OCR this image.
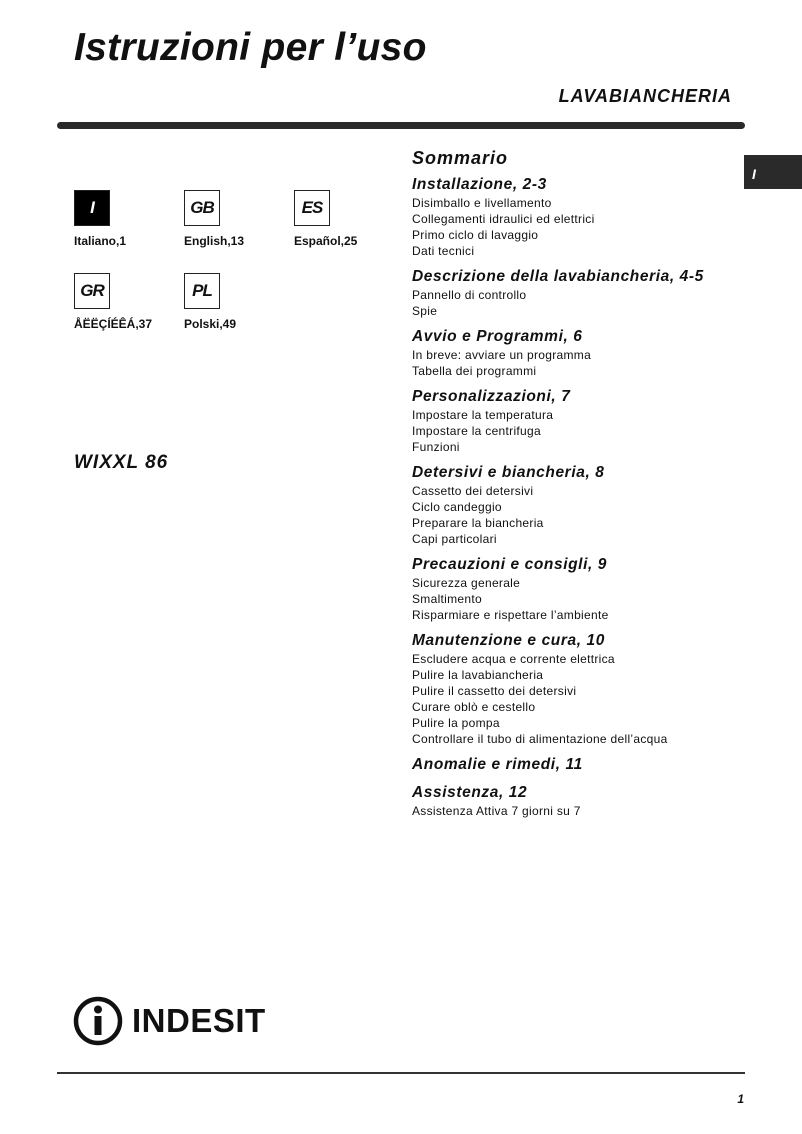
Istruzioni per l’uso
LAVABIANCHERIA
I
I
Italiano,1
GB
English,13
ES
Español,25
GR
ÅËËÇÍÉÊÁ,37
PL
Polski,49
WIXXL 86
Sommario
Installazione, 2-3
Disimballo e livellamento
Collegamenti idraulici ed elettrici
Primo ciclo di lavaggio
Dati tecnici
Descrizione della lavabiancheria, 4-5
Pannello di controllo
Spie
Avvio e Programmi, 6
In breve: avviare un programma
Tabella dei programmi
Personalizzazioni, 7
Impostare la temperatura
Impostare la centrifuga
Funzioni
Detersivi e biancheria, 8
Cassetto dei detersivi
Ciclo candeggio
Preparare la biancheria
Capi particolari
Precauzioni e consigli, 9
Sicurezza generale
Smaltimento
Risparmiare e rispettare l’ambiente
Manutenzione e cura, 10
Escludere acqua e corrente elettrica
Pulire la lavabiancheria
Pulire il cassetto dei detersivi
Curare oblò e cestello
Pulire la pompa
Controllare il tubo di alimentazione dell’acqua
Anomalie e rimedi, 11
Assistenza, 12
Assistenza Attiva 7 giorni su 7
INDESIT
1
